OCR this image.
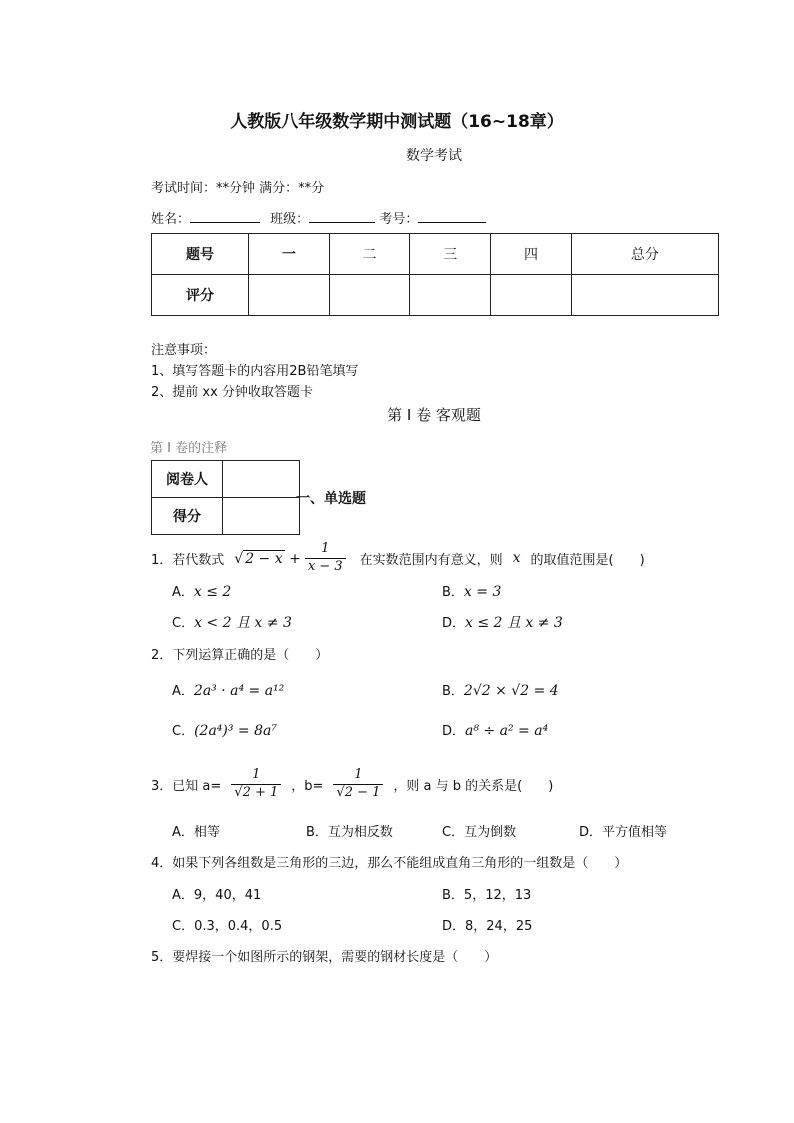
人教版八年级数学期中测试题（16~18章）
数学考试
考试时间：**分钟 满分：**分
姓名：	班级：	考号：
题号	一	二	三	四	总分
评分					
注意事项：
1、填写答题卡的内容用2B铅笔填写
2、提前 xx 分钟收取答题卡
第 I 卷 客观题
第 I 卷的注释
阅卷人	
得分	
一、单选题
1．若代数式 √ $2 - x + \frac{1}{x - 3}$ 在实数范围内有意义，则 x 的取值范围是(　　)
A．x ≤ 2	B．x = 3
C．x < 2 且 x ≠ 3	D．x ≤ 2 且 x ≠ 3
2．下列运算正确的是（　　）
A．2a³ · a⁴ = a¹²	B．2√2 × √2 = 4
C．(2a⁴)³ = 8a⁷	D．a⁸ ÷ a² = a⁴
3．已知 $a= \frac{1}{√2 + 1}$ ，$b= \frac{1}{√2 - 1}$ ，则 a 与 b 的关系是(　　)
A．相等	B．互为相反数	C．互为倒数	D．平方值相等
4．如果下列各组数是三角形的三边，那么不能组成直角三角形的一组数是（　　）
A．9，40，41	B．5，12，13
C．0.3，0.4，0.5	D．8，24，25
5．要焊接一个如图所示的钢架，需要的钢材长度是（　　）
